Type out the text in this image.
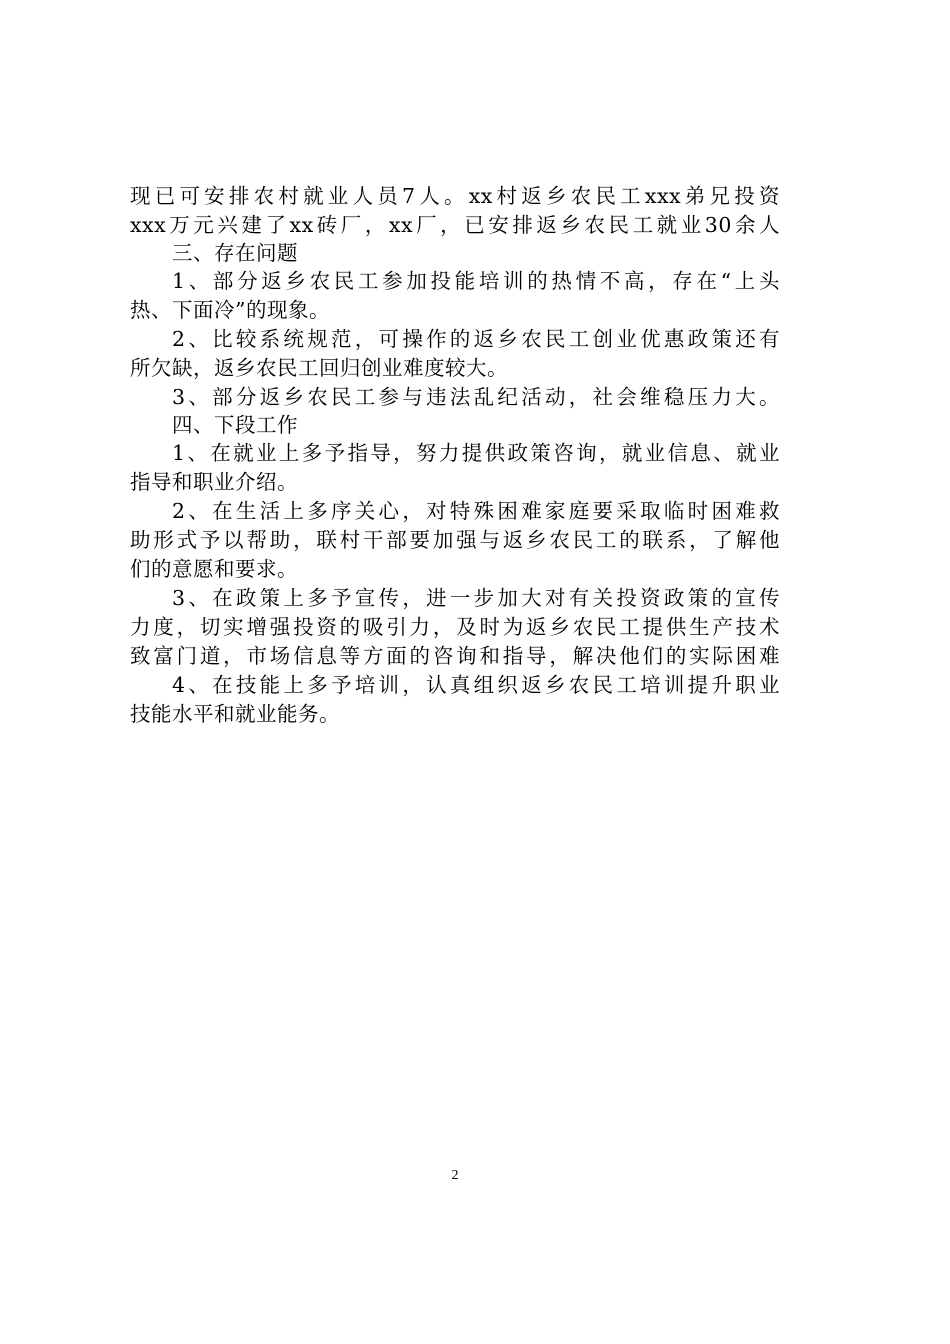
现已可安排农村就业人员7人。xx村返乡农民工xxx弟兄投资
xxx万元兴建了xx砖厂，xx厂，已安排返乡农民工就业30余人
三、存在问题
1、部分返乡农民工参加投能培训的热情不高，存在“上头
热、下面冷”的现象。
2、比较系统规范，可操作的返乡农民工创业优惠政策还有
所欠缺，返乡农民工回归创业难度较大。
3、部分返乡农民工参与违法乱纪活动，社会维稳压力大。
四、下段工作
1、在就业上多予指导，努力提供政策咨询，就业信息、就业
指导和职业介绍。
2、在生活上多序关心，对特殊困难家庭要采取临时困难救
助形式予以帮助，联村干部要加强与返乡农民工的联系，了解他
们的意愿和要求。
3、在政策上多予宣传，进一步加大对有关投资政策的宣传
力度，切实增强投资的吸引力，及时为返乡农民工提供生产技术
致富门道，市场信息等方面的咨询和指导，解决他们的实际困难
4、在技能上多予培训，认真组织返乡农民工培训提升职业
技能水平和就业能务。
2
